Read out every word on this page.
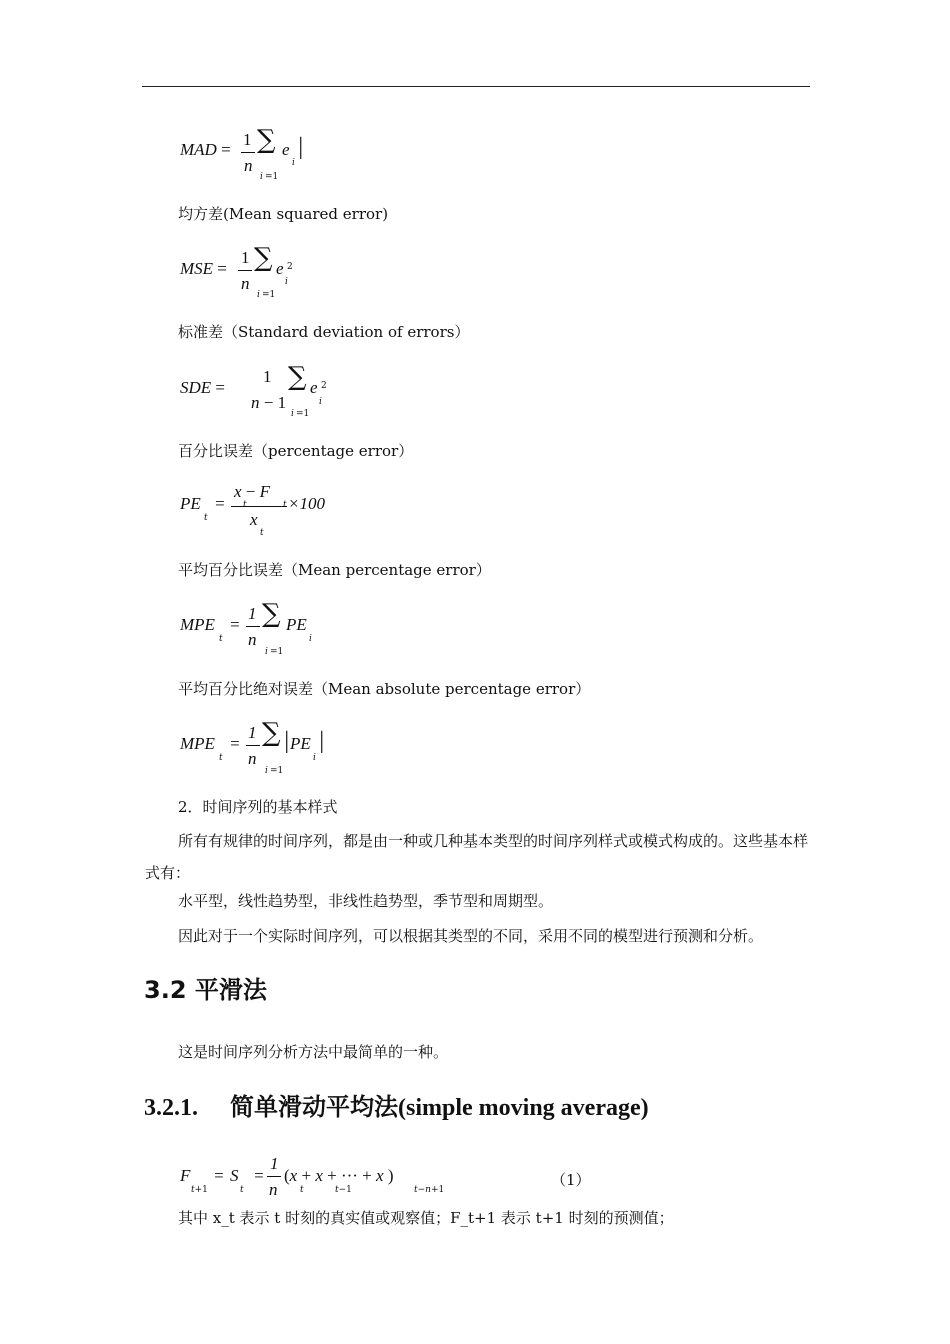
MAD =
1
n
∑
i =1
e
i
|
均方差(Mean squared error)
MSE =
1
n
∑
i =1
e 2
i
标准差（Standard deviation of errors）
SDE =
1
n − 1
∑
i =1
e 2
i
百分比误差（percentage error）
PE
t
=
x − F
t	t
x
t
×100
平均百分比误差（Mean percentage error）
MPE
t
=
1
n
∑
i =1
PE
i
平均百分比绝对误差（Mean absolute percentage error）
MPE
t
=
1
n
∑
i =1
| PE
i
|
2．时间序列的基本样式
所有有规律的时间序列，都是由一种或几种基本类型的时间序列样式或模式构成的。这些基本样式有：
水平型，线性趋势型，非线性趋势型，季节型和周期型。
因此对于一个实际时间序列，可以根据其类型的不同，采用不同的模型进行预测和分析。
3.2 平滑法
这是时间序列分析方法中最简单的一种。
3.2.1. 简单滑动平均法(simple moving average)
F
t+1
= S
t
=
1
n
(x + x + ··· + x )
t	t−1	t−n+1
（1）
其中 x_t 表示 t 时刻的真实值或观察值；F_t+1 表示 t+1 时刻的预测值；
